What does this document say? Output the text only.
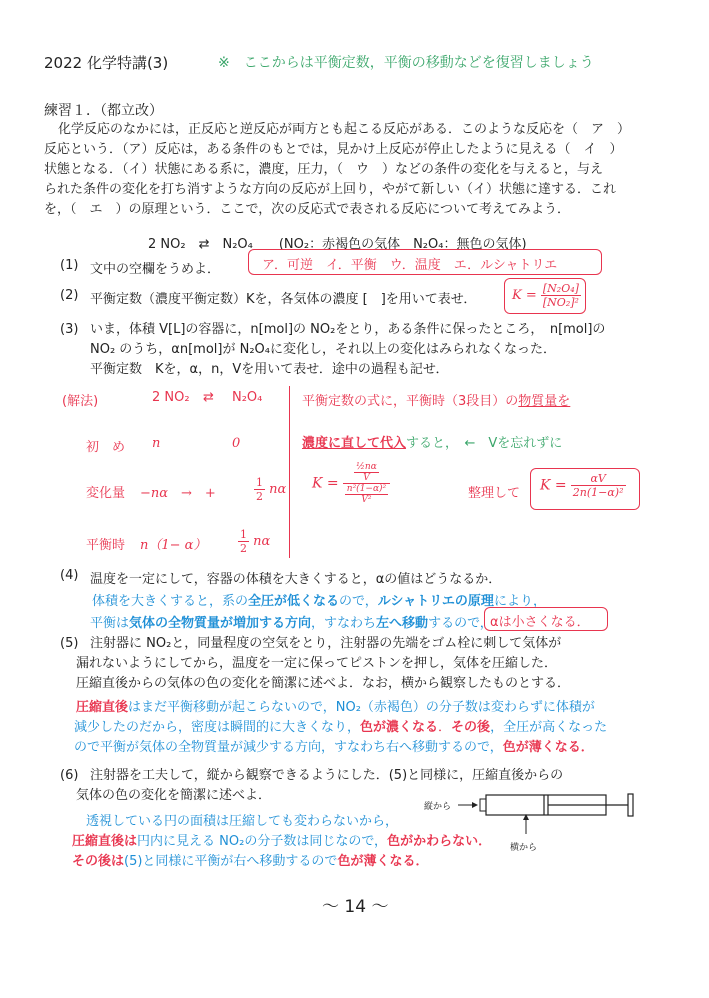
2022 化学特講(3)	※　ここからは平衡定数，平衡の移動などを復習しましょう
練習１．（都立改）
化学反応のなかには，正反応と逆反応が両方とも起こる反応がある．このような反応を（　ア　）
反応という．（ア）反応は，ある条件のもとでは，見かけ上反応が停止したように見える（　イ　）
状態となる．（イ）状態にある系に，濃度，圧力，（　ウ　）などの条件の変化を与えると，与え
られた条件の変化を打ち消すような方向の反応が上回り，やがて新しい（イ）状態に達する．これ
を，（　エ　）の原理という．ここで，次の反応式で表される反応について考えてみよう．
2 NO₂　⇄　N₂O₄　　(NO₂：赤褐色の気体　N₂O₄：無色の気体)
(1) 文中の空欄をうめよ．	ア．可逆　イ．平衡　ウ．温度　エ．ルシャトリエ
(2) 平衡定数（濃度平衡定数）Kを，各気体の濃度 [　]を用いて表せ．	$K = \frac{\text{[N₂O₄]}}{\text{[NO₂]²}}$
(3) いま，体積 V[L]の容器に，n[mol]の NO₂をとり，ある条件に保ったところ，　n[mol]の
NO₂ のうち，αn[mol]が N₂O₄に変化し，それ以上の変化はみられなくなった．
平衡定数　Kを，α，n，Vを用いて表せ．途中の過程も記せ．
(解法)	2 NO₂ ⇄ N₂O₄
初　め n	0
変化量 −nα　→　+	$\frac{1}{2}$ nα
平衡時 n（1− α）	$\frac{1}{2}$ nα
平衡定数の式に，平衡時（3段目）の物質量を
濃度に直して代入すると，　←　Vを忘れずに
$K = \frac{\frac{\text{½nα}}{V}}{\frac{\text{n²(1−α)²}}{\text{V²}}}$	整理して $K = \frac{\alpha V}{\text{2n(1−α)²}}$
(4) 温度を一定にして，容器の体積を大きくすると，αの値はどうなるか．
体積を大きくすると，系の全圧が低くなるので，ルシャトリエの原理により，
平衡は気体の全物質量が増加する方向，すなわち左へ移動するので，
αは小さくなる．
(5) 注射器に NO₂と，同量程度の空気をとり，注射器の先端をゴム栓に刺して気体が
漏れないようにしてから，温度を一定に保ってピストンを押し，気体を圧縮した．
圧縮直後からの気体の色の変化を簡潔に述べよ．なお，横から観察したものとする．
圧縮直後はまだ平衡移動が起こらないので，NO₂（赤褐色）の分子数は変わらずに体積が
減少したのだから，密度は瞬間的に大きくなり，色が濃くなる．その後，全圧が高くなった
ので平衡が気体の全物質量が減少する方向，すなわち右へ移動するので，色が薄くなる．
(6) 注射器を工夫して，縦から観察できるようにした．(5)と同様に，圧縮直後からの
気体の色の変化を簡潔に述べよ．
透視している円の面積は圧縮しても変わらないから，
圧縮直後は円内に見える NO₂の分子数は同じなので，色がかわらない．
その後は(5)と同様に平衡が右へ移動するので色が薄くなる．
縦から
横から
〜 14 〜
